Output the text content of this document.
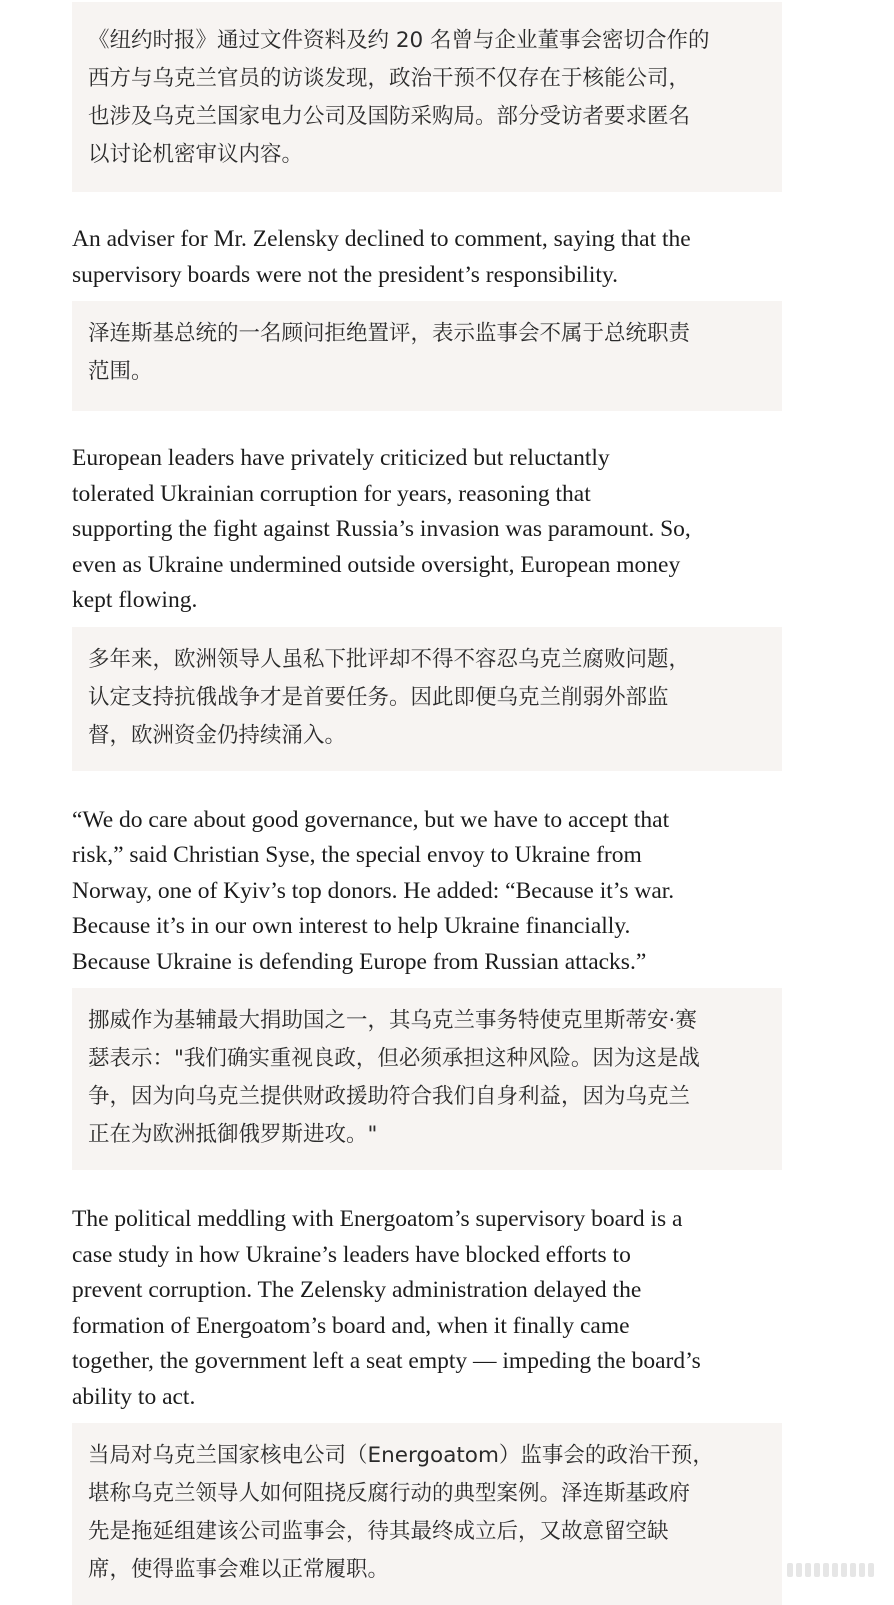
《纽约时报》通过文件资料及约 20 名曾与企业董事会密切合作的
西方与乌克兰官员的访谈发现，政治干预不仅存在于核能公司，
也涉及乌克兰国家电力公司及国防采购局。部分受访者要求匿名
以讨论机密审议内容。

An adviser for Mr. Zelensky declined to comment, saying that the
supervisory boards were not the president’s responsibility.

泽连斯基总统的一名顾问拒绝置评，表示监事会不属于总统职责
范围。

European leaders have privately criticized but reluctantly
tolerated Ukrainian corruption for years, reasoning that
supporting the fight against Russia’s invasion was paramount. So,
even as Ukraine undermined outside oversight, European money
kept flowing.

多年来，欧洲领导人虽私下批评却不得不容忍乌克兰腐败问题，
认定支持抗俄战争才是首要任务。因此即便乌克兰削弱外部监
督，欧洲资金仍持续涌入。

“We do care about good governance, but we have to accept that
risk,” said Christian Syse, the special envoy to Ukraine from
Norway, one of Kyiv’s top donors. He added: “Because it’s war.
Because it’s in our own interest to help Ukraine financially.
Because Ukraine is defending Europe from Russian attacks.”

挪威作为基辅最大捐助国之一，其乌克兰事务特使克里斯蒂安·赛
瑟表示："我们确实重视良政，但必须承担这种风险。因为这是战
争，因为向乌克兰提供财政援助符合我们自身利益，因为乌克兰
正在为欧洲抵御俄罗斯进攻。"

The political meddling with Energoatom’s supervisory board is a
case study in how Ukraine’s leaders have blocked efforts to
prevent corruption. The Zelensky administration delayed the
formation of Energoatom’s board and, when it finally came
together, the government left a seat empty — impeding the board’s
ability to act.

当局对乌克兰国家核电公司（Energoatom）监事会的政治干预，
堪称乌克兰领导人如何阻挠反腐行动的典型案例。泽连斯基政府
先是拖延组建该公司监事会，待其最终成立后，又故意留空缺
席，使得监事会难以正常履职。
